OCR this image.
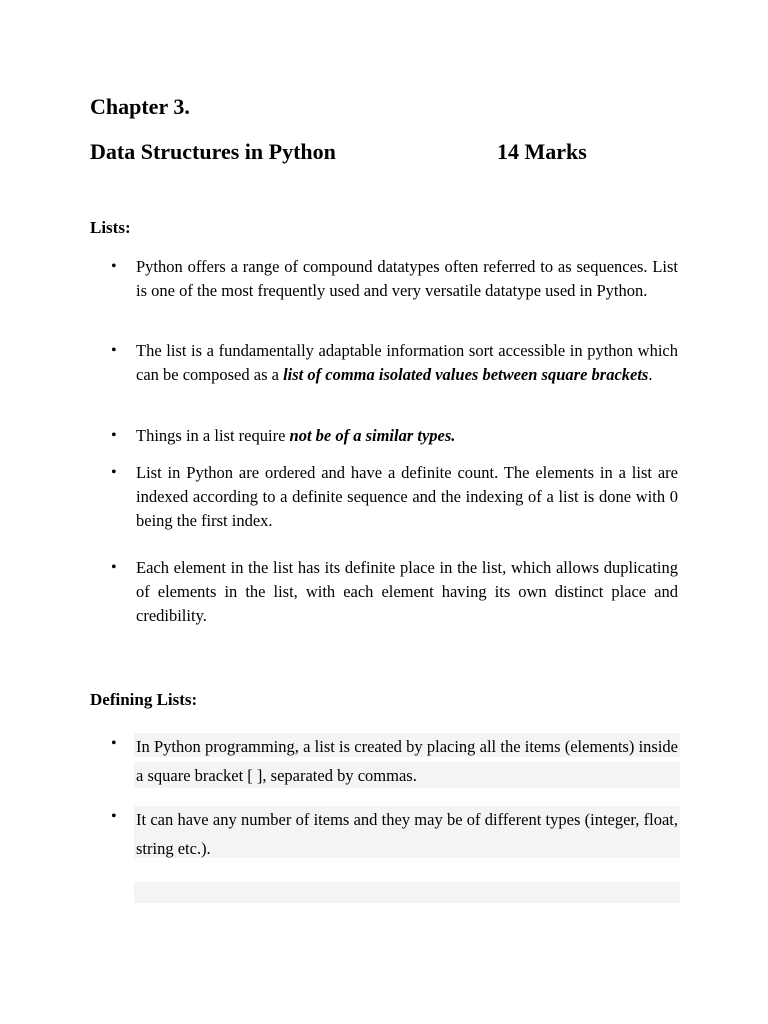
Chapter 3.
Data Structures in Python	14 Marks
Lists:
• Python offers a range of compound datatypes often referred to as sequences. List is one of the most frequently used and very versatile datatype used in Python.
• The list is a fundamentally adaptable information sort accessible in python which can be composed as a list of comma isolated values between square brackets.
• Things in a list require not be of a similar types.
• List in Python are ordered and have a definite count. The elements in a list are indexed according to a definite sequence and the indexing of a list is done with 0 being the first index.
• Each element in the list has its definite place in the list, which allows duplicating of elements in the list, with each element having its own distinct place and credibility.
Defining Lists:
• In Python programming, a list is created by placing all the items (elements) inside a square bracket [ ], separated by commas.
• It can have any number of items and they may be of different types (integer, float, string etc.).
